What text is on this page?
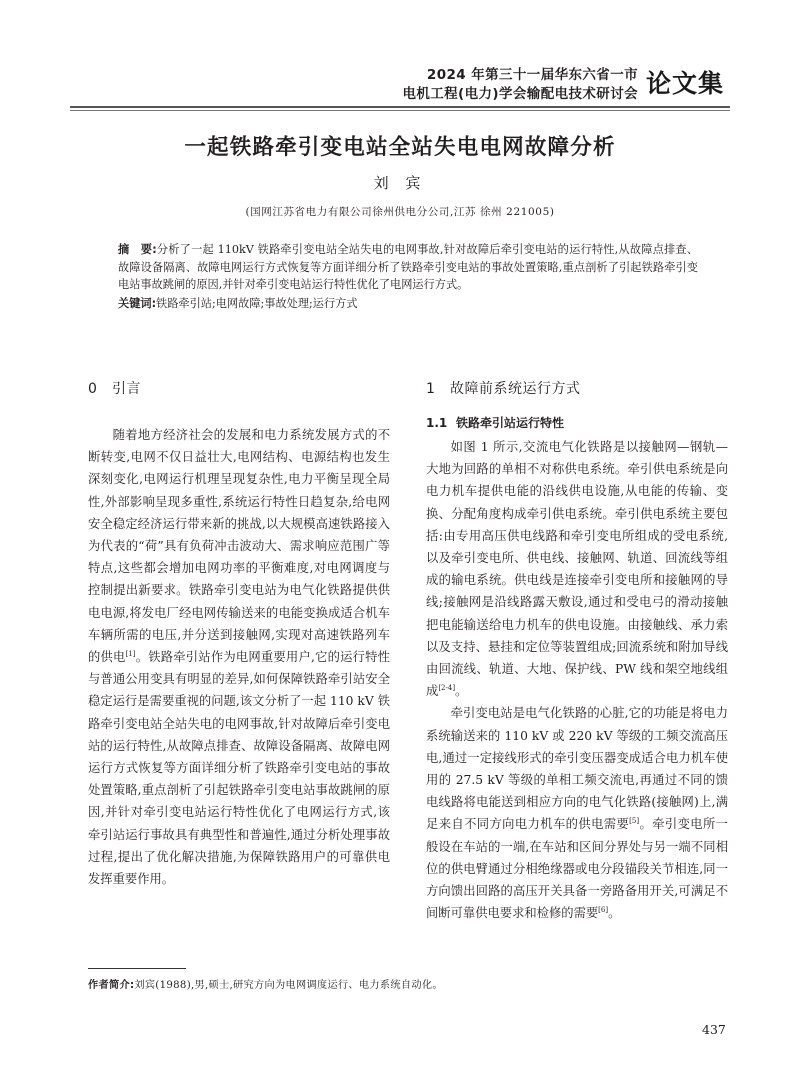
2024 年第三十一届华东六省一市
电机工程(电力)学会输配电技术研讨会 论文集
一起铁路牵引变电站全站失电电网故障分析
刘 宾
(国网江苏省电力有限公司徐州供电分公司,江苏 徐州 221005)

摘　要:分析了一起 110kV 铁路牵引变电站全站失电的电网事故,针对故障后牵引变电站的运行特性,从故障点排查、故障设备隔离、故障电网运行方式恢复等方面详细分析了铁路牵引变电站的事故处置策略,重点剖析了引起铁路牵引变电站事故跳闸的原因,并针对牵引变电站运行特性优化了电网运行方式。

关键词:铁路牵引站;电网故障;事故处理;运行方式

0 引言

随着地方经济社会的发展和电力系统发展方式的不断转变,电网不仅日益壮大,电网结构、电源结构也发生深刻变化,电网运行机理呈现复杂性,电力平衡呈现全局性,外部影响呈现多重性,系统运行特性日趋复杂,给电网安全稳定经济运行带来新的挑战,以大规模高速铁路接入为代表的“荷”具有负荷冲击波动大、需求响应范围广等特点,这些都会增加电网功率的平衡难度,对电网调度与控制提出新要求。铁路牵引变电站为电气化铁路提供供电电源,将发电厂经电网传输送来的电能变换成适合机车车辆所需的电压,并分送到接触网,实现对高速铁路列车的供电[1]。铁路牵引站作为电网重要用户,它的运行特性与普通公用变具有明显的差异,如何保障铁路牵引站安全稳定运行是需要重视的问题,该文分析了一起 110 kV 铁路牵引变电站全站失电的电网事故,针对故障后牵引变电站的运行特性,从故障点排查、故障设备隔离、故障电网运行方式恢复等方面详细分析了铁路牵引变电站的事故处置策略,重点剖析了引起铁路牵引变电站事故跳闸的原因,并针对牵引变电站运行特性优化了电网运行方式,该牵引站运行事故具有典型性和普遍性,通过分析处理事故过程,提出了优化解决措施,为保障铁路用户的可靠供电发挥重要作用。

1 故障前系统运行方式
1.1 铁路牵引站运行特性

如图 1 所示,交流电气化铁路是以接触网—钢轨—大地为回路的单相不对称供电系统。牵引供电系统是向电力机车提供电能的沿线供电设施,从电能的传输、变换、分配角度构成牵引供电系统。牵引供电系统主要包括:由专用高压供电线路和牵引变电所组成的受电系统,以及牵引变电所、供电线、接触网、轨道、回流线等组成的输电系统。供电线是连接牵引变电所和接触网的导线;接触网是沿线路露天敷设,通过和受电弓的滑动接触把电能输送给电力机车的供电设施。由接触线、承力索以及支持、悬挂和定位等装置组成;回流系统和附加导线由回流线、轨道、大地、保护线、PW 线和架空地线组成[2-4]。

牵引变电站是电气化铁路的心脏,它的功能是将电力系统输送来的 110 kV 或 220 kV 等级的工频交流高压电,通过一定接线形式的牵引变压器变成适合电力机车使用的 27.5 kV 等级的单相工频交流电,再通过不同的馈电线路将电能送到相应方向的电气化铁路(接触网)上,满足来自不同方向电力机车的供电需要[5]。牵引变电所一般设在车站的一端,在车站和区间分界处与另一端不同相位的供电臂通过分相绝缘器或电分段锚段关节相连,同一方向馈出回路的高压开关具备一旁路备用开关,可满足不间断可靠供电要求和检修的需要[6]。

作者简介:刘宾(1988),男,硕士,研究方向为电网调度运行、电力系统自动化。
437
